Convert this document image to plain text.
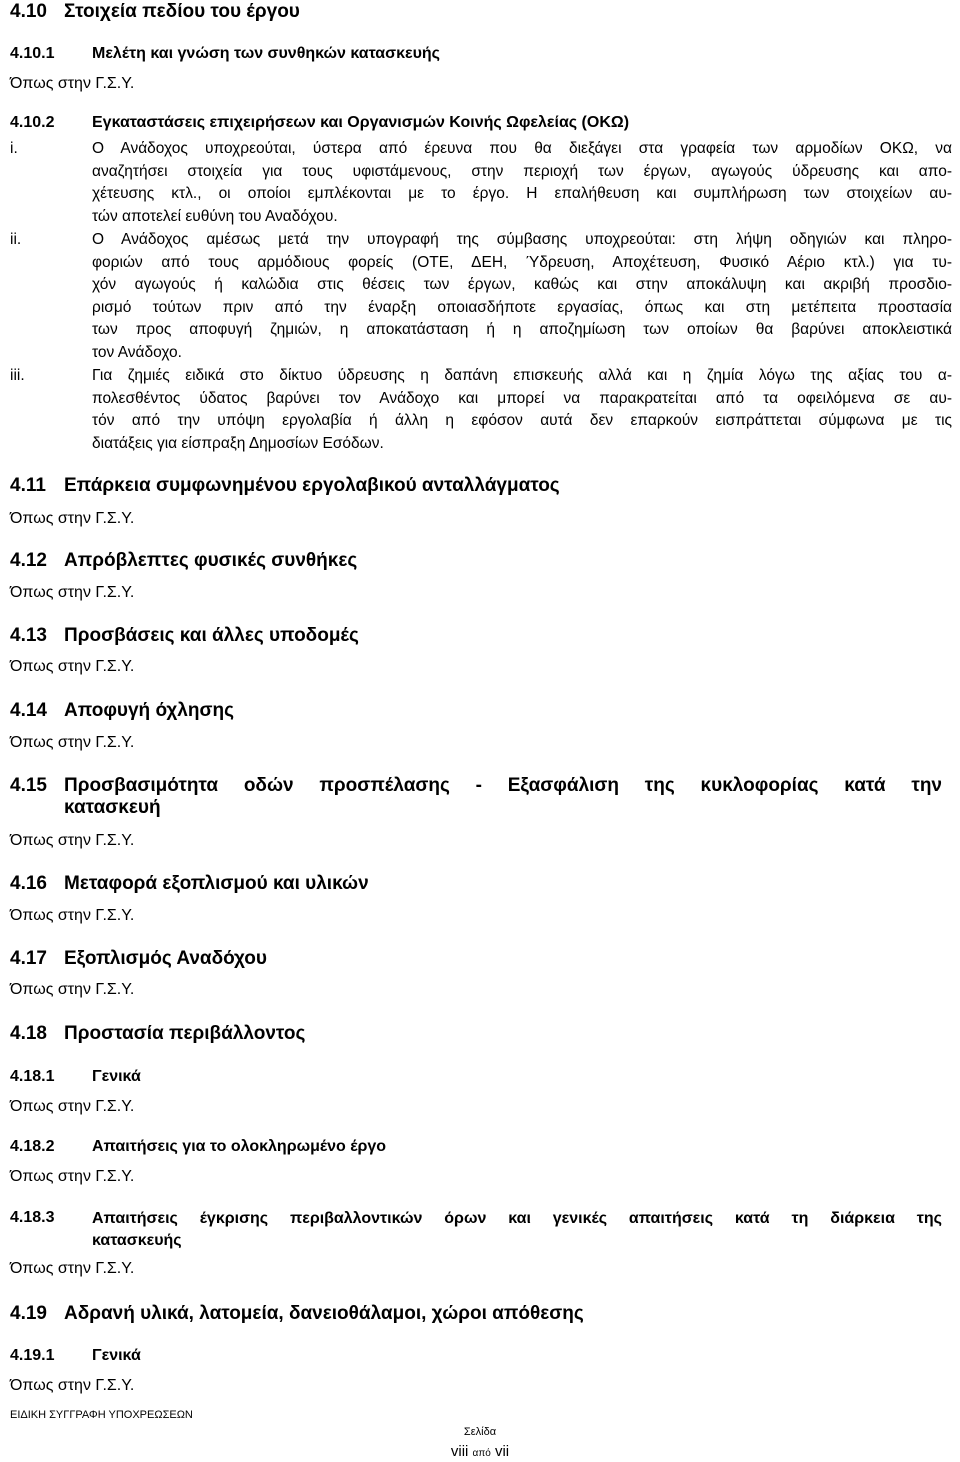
4.10 Στοιχεία πεδίου του έργου
4.10.1 Μελέτη και γνώση των συνθηκών κατασκευής
Όπως στην Γ.Σ.Υ.
4.10.2 Εγκαταστάσεις επιχειρήσεων και Οργανισμών Κοινής Ωφελείας (ΟΚΩ)
i.	Ο Ανάδοχος υποχρεούται, ύστερα από έρευνα που θα διεξάγει στα γραφεία των αρμοδίων ΟΚΩ, να
αναζητήσει στοιχεία για τους υφιστάμενους, στην περιοχή των έργων, αγωγούς ύδρευσης και απο-
χέτευσης κτλ., οι οποίοι εμπλέκονται με το έργο. Η επαλήθευση και συμπλήρωση των στοιχείων αυ-
τών αποτελεί ευθύνη του Αναδόχου.
ii.	Ο Ανάδοχος αμέσως μετά την υπογραφή της σύμβασης υποχρεούται: στη λήψη οδηγιών και πληρο-
φοριών από τους αρμόδιους φορείς (ΟΤΕ, ΔΕΗ, Ύδρευση, Αποχέτευση, Φυσικό Αέριο κτλ.) για τυ-
χόν αγωγούς ή καλώδια στις θέσεις των έργων, καθώς και στην αποκάλυψη και ακριβή προσδιο-
ρισμό τούτων πριν από την έναρξη οποιασδήποτε εργασίας, όπως και στη μετέπειτα προστασία
των προς αποφυγή ζημιών, η αποκατάσταση ή η αποζημίωση των οποίων θα βαρύνει αποκλειστικά
τον Ανάδοχο.
iii.	Για ζημιές ειδικά στο δίκτυο ύδρευσης η δαπάνη επισκευής αλλά και η ζημία λόγω της αξίας του α-
πολεσθέντος ύδατος βαρύνει τον Ανάδοχο και μπορεί να παρακρατείται από τα οφειλόμενα σε αυ-
τόν από την υπόψη εργολαβία ή άλλη η εφόσον αυτά δεν επαρκούν εισπράττεται σύμφωνα με τις
διατάξεις για είσπραξη Δημοσίων Εσόδων.
4.11 Επάρκεια συμφωνημένου εργολαβικού ανταλλάγματος
Όπως στην Γ.Σ.Υ.
4.12 Απρόβλεπτες φυσικές συνθήκες
Όπως στην Γ.Σ.Υ.
4.13 Προσβάσεις και άλλες υποδομές
Όπως στην Γ.Σ.Υ.
4.14 Αποφυγή όχλησης
Όπως στην Γ.Σ.Υ.
4.15 Προσβασιμότητα οδών προσπέλασης - Εξασφάλιση της κυκλοφορίας κατά την
κατασκευή
Όπως στην Γ.Σ.Υ.
4.16 Μεταφορά εξοπλισμού και υλικών
Όπως στην Γ.Σ.Υ.
4.17 Εξοπλισμός Αναδόχου
Όπως στην Γ.Σ.Υ.
4.18 Προστασία περιβάλλοντος
4.18.1 Γενικά
Όπως στην Γ.Σ.Υ.
4.18.2 Απαιτήσεις για το ολοκληρωμένο έργο
Όπως στην Γ.Σ.Υ.
4.18.3	Απαιτήσεις έγκρισης περιβαλλοντικών όρων και γενικές απαιτήσεις κατά τη διάρκεια της
κατασκευής
Όπως στην Γ.Σ.Υ.
4.19 Αδρανή υλικά, λατομεία, δανειοθάλαμοι, χώροι απόθεσης
4.19.1 Γενικά
Όπως στην Γ.Σ.Υ.
ΕΙΔΙΚΗ ΣΥΓΓΡΑΦΗ ΥΠΟΧΡΕΩΣΕΩΝ
Σελίδα
viii από vii
